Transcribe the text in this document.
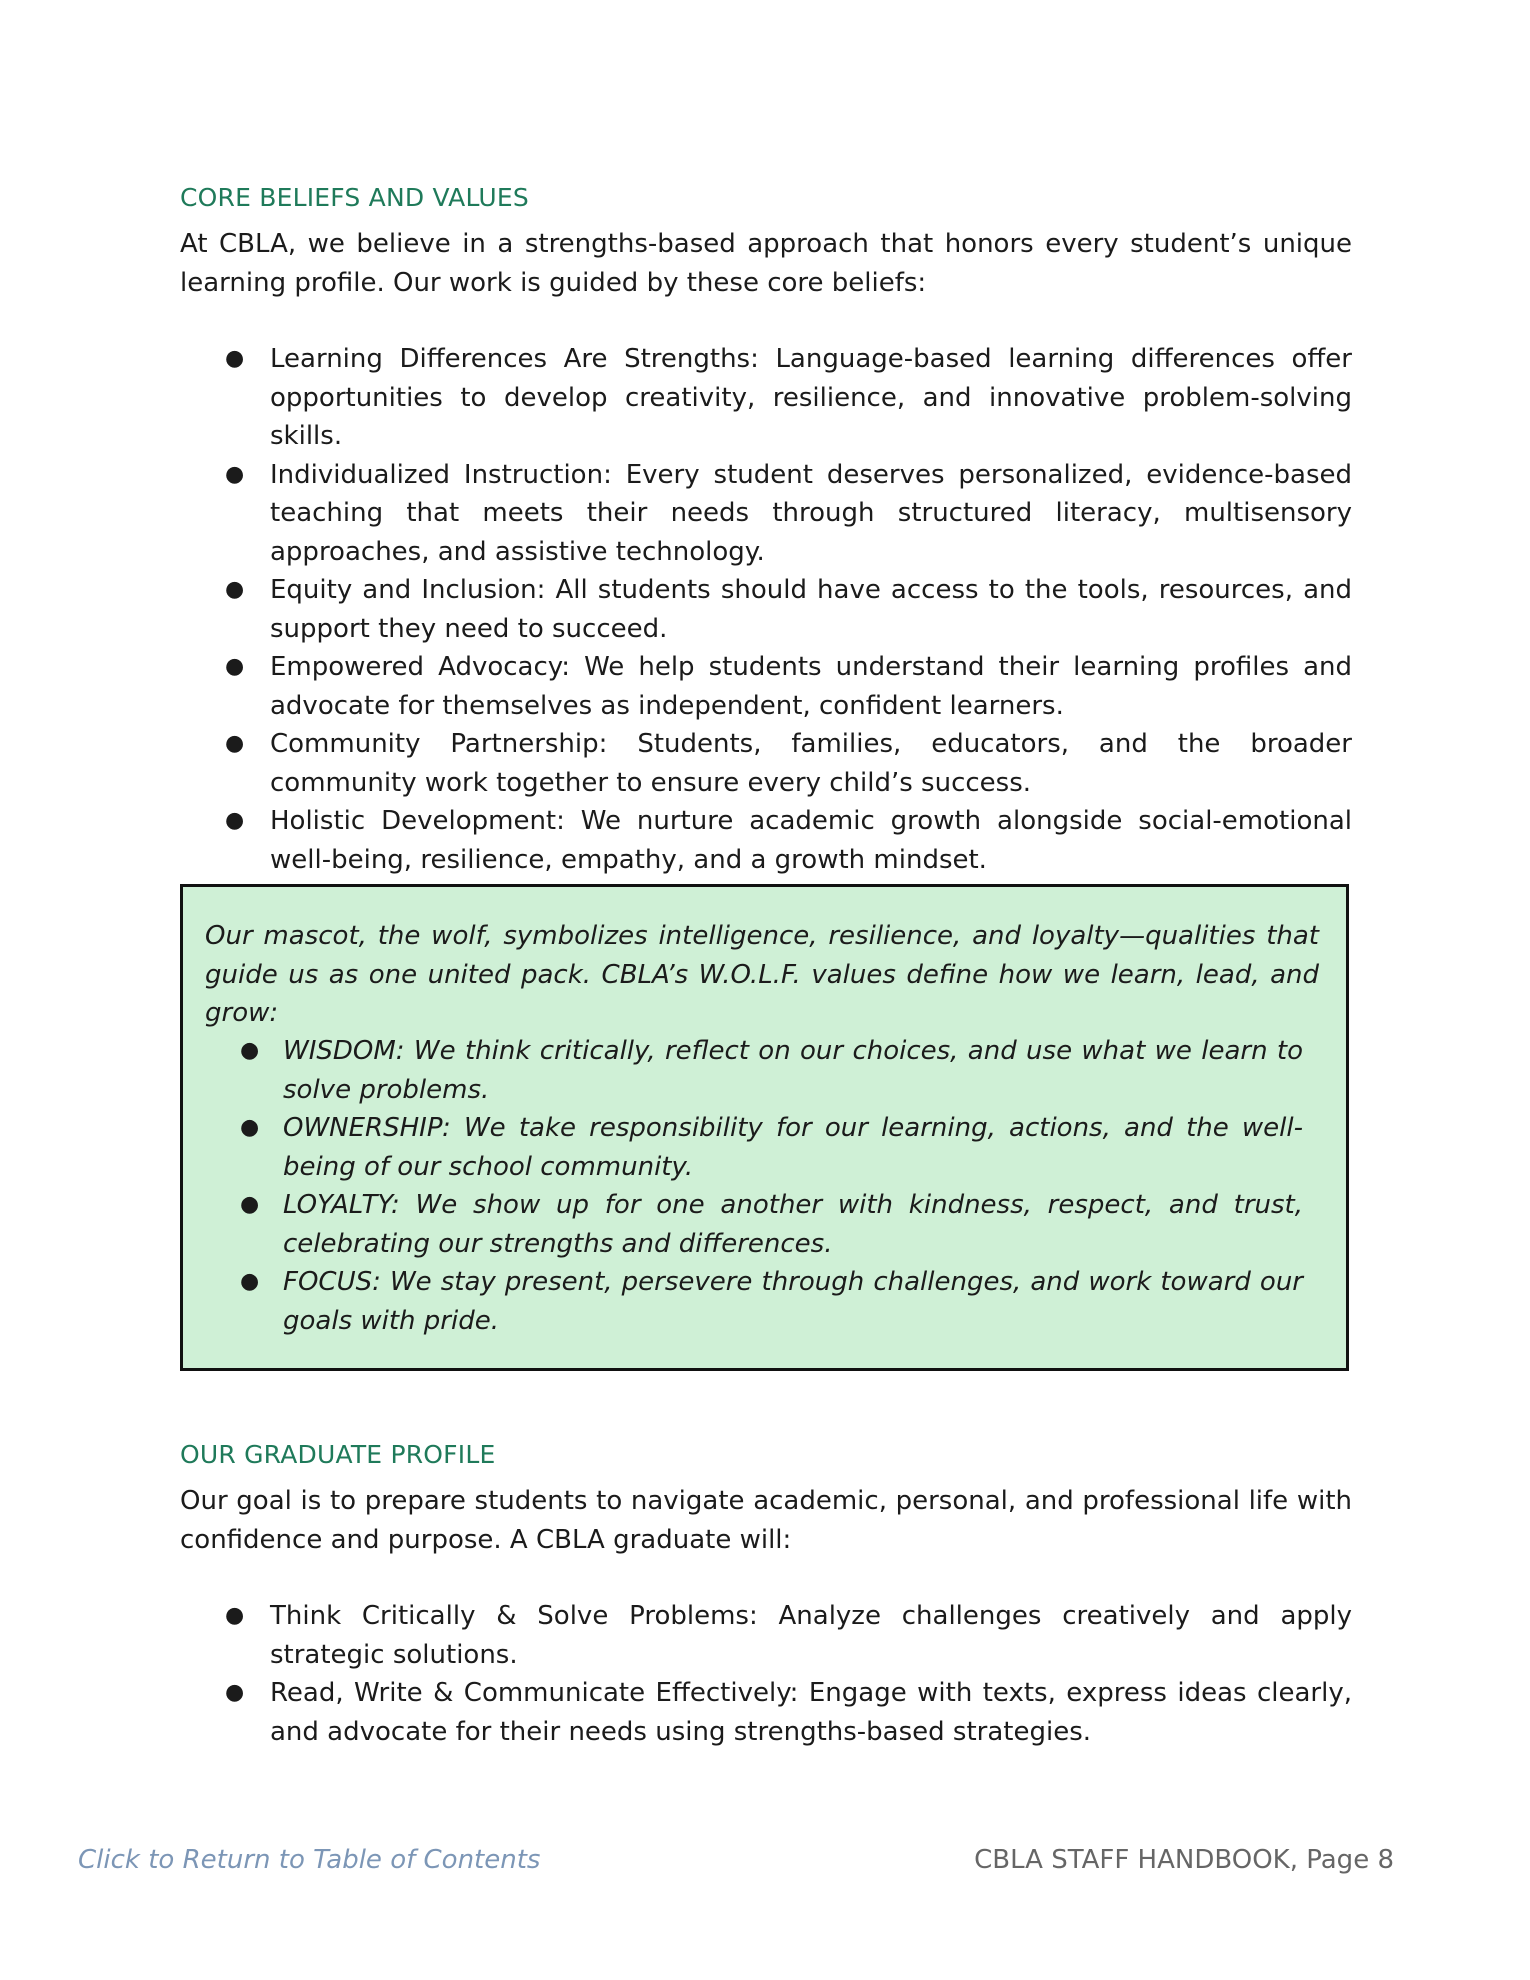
CORE BELIEFS AND VALUES

At CBLA, we believe in a strengths-based approach that honors every student’s unique learning profile. Our work is guided by these core beliefs:

● Learning Differences Are Strengths: Language-based learning differences offer opportunities to develop creativity, resilience, and innovative problem-solving skills.
● Individualized Instruction: Every student deserves personalized, evidence-based teaching that meets their needs through structured literacy, multisensory approaches, and assistive technology.
● Equity and Inclusion: All students should have access to the tools, resources, and support they need to succeed.
● Empowered Advocacy: We help students understand their learning profiles and advocate for themselves as independent, confident learners.
● Community Partnership: Students, families, educators, and the broader community work together to ensure every child’s success.
● Holistic Development: We nurture academic growth alongside social-emotional well-being, resilience, empathy, and a growth mindset.

Our mascot, the wolf, symbolizes intelligence, resilience, and loyalty—qualities that guide us as one united pack. CBLA’s W.O.L.F. values define how we learn, lead, and grow:

● WISDOM: We think critically, reflect on our choices, and use what we learn to solve problems.
● OWNERSHIP: We take responsibility for our learning, actions, and the well-being of our school community.
● LOYALTY: We show up for one another with kindness, respect, and trust, celebrating our strengths and differences.
● FOCUS: We stay present, persevere through challenges, and work toward our goals with pride.
OUR GRADUATE PROFILE

Our goal is to prepare students to navigate academic, personal, and professional life with confidence and purpose. A CBLA graduate will:

● Think Critically & Solve Problems: Analyze challenges creatively and apply strategic solutions.
● Read, Write & Communicate Effectively: Engage with texts, express ideas clearly, and advocate for their needs using strengths-based strategies.
Click to Return to Table of Contents	CBLA STAFF HANDBOOK, Page 8
